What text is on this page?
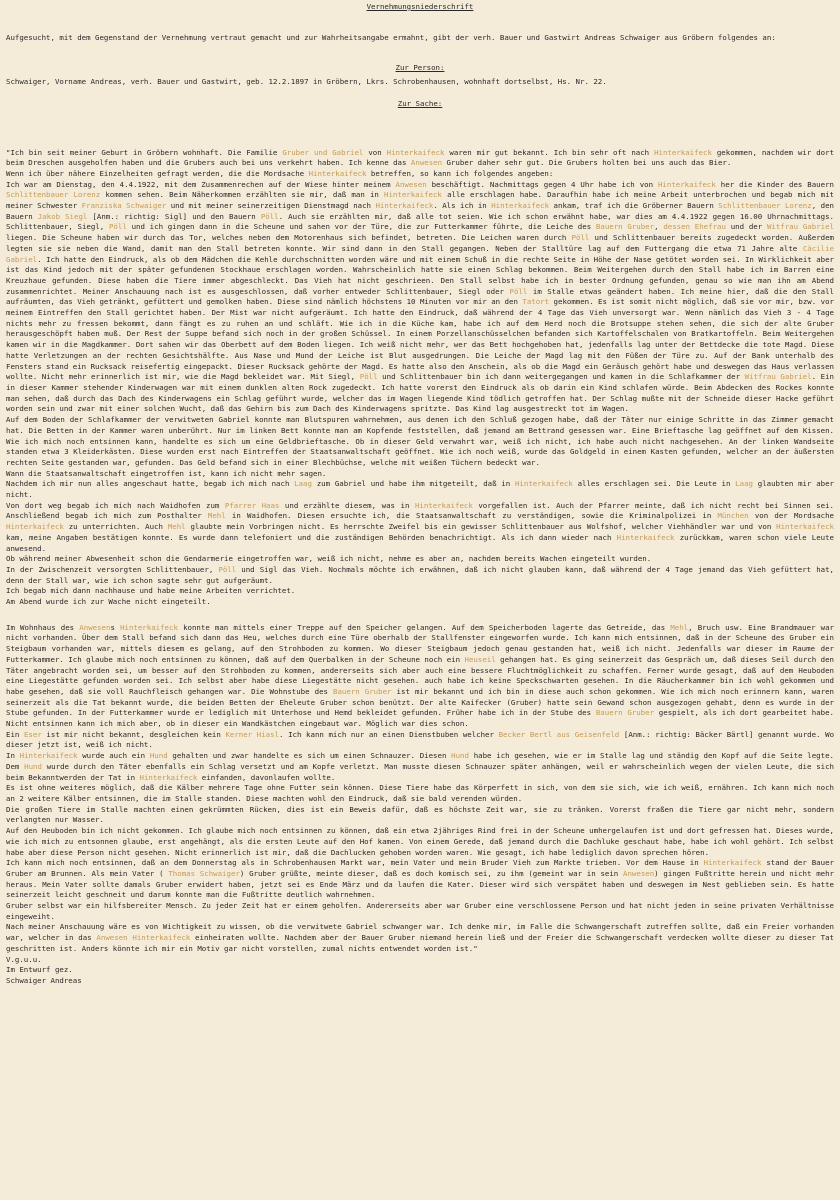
Vernehmungsniederschrift

Aufgesucht, mit dem Gegenstand der Vernehmung vertraut gemacht und zur Wahrheitsangabe ermahnt, gibt der verh. Bauer und Gastwirt Andreas Schwaiger aus Gröbern folgendes an:

Zur Person:

Schwaiger, Vorname Andreas, verh. Bauer und Gastwirt, geb. 12.2.1897 in Gröbern, Lkrs. Schrobenhausen, wohnhaft dortselbst, Hs. Nr. 22.

Zur Sache:

"Ich bin seit meiner Geburt in Gröbern wohnhaft. Die Familie Gruber und Gabriel von Hinterkaifeck waren mir gut bekannt. Ich bin sehr oft nach Hinterkaifeck gekommen, nachdem wir dort beim Dreschen ausgeholfen haben und die Grubers auch bei uns verkehrt haben. Ich kenne das Anwesen Gruber daher sehr gut. Die Grubers holten bei uns auch das Bier.

Wenn ich über nähere Einzelheiten gefragt werden, die die Mordsache Hinterkaifeck betreffen, so kann ich folgendes angeben:

Ich war am Dienstag, den 4.4.1922, mit dem Zusammenrechen auf der Wiese hinter meinem Anwesen beschäftigt. Nachmittags gegen 4 Uhr habe ich von Hinterkaifeck her die Kinder des Bauern Schlittenbauer Lorenz kommen sehen. Beim Näherkommen erzählten sie mir, daß man in Hinterkaifeck alle erschlagen habe. Daraufhin habe ich meine Arbeit unterbrochen und begab mich mit meiner Schwester Franziska Schwaiger und mit meiner seinerzeitigen Dienstmagd nach Hinterkaifeck. Als ich in Hinterkaifeck ankam, traf ich die Gröberner Bauern Schlittenbauer Lorenz, den Bauern Jakob Siegl [Anm.: richtig: Sigl] und den Bauern Pöll. Auch sie erzählten mir, daß alle tot seien. Wie ich schon erwähnt habe, war dies am 4.4.1922 gegen 16.00 Uhrnachmittags. Schlittenbauer, Siegl, Pöll und ich gingen dann in die Scheune und sahen vor der Türe, die zur Futterkammer führte, die Leiche des Bauern Gruber, dessen Ehefrau und der Witfrau Gabriel liegen. Die Scheune haben wir durch das Tor, welches neben dem Motorenhaus sich befindet, betreten. Die Leichen waren durch Pöll und Schlittenbauer bereits zugedeckt worden. Außerdem legten sie sie neben die Wand, damit man den Stall betreten konnte. Wir sind dann in den Stall gegangen. Neben der Stalltüre lag auf dem Futtergang die etwa 71 Jahre alte Cäcilie Gabriel. Ich hatte den Eindruck, als ob dem Mädchen die Kehle durchschnitten worden wäre und mit einem Schuß in die rechte Seite in Höhe der Nase getötet worden sei. In Wirklichkeit aber ist das Kind jedoch mit der später gefundenen Stockhaue erschlagen worden. Wahrscheinlich hatte sie einen Schlag bekommen. Beim Weitergehen durch den Stall habe ich im Barren eine Kreuzhaue gefunden. Diese haben die Tiere immer abgeschleckt. Das Vieh hat nicht geschrieen. Den Stall selbst habe ich in bester Ordnung gefunden, genau so wie man ihn am Abend zusammenrichtet. Meiner Anschauung nach ist es ausgeschlossen, daß vorher entweder Schlittenbauer, Siegl oder Pöll im Stalle etwas geändert haben. Ich meine hier, daß die den Stall aufräumten, das Vieh getränkt, gefüttert und gemolken haben. Diese sind nämlich höchstens 10 Minuten vor mir an den Tatort gekommen. Es ist somit nicht möglich, daß sie vor mir, bzw. vor meinem Eintreffen den Stall gerichtet haben. Der Mist war nicht aufgeräumt. Ich hatte den Eindruck, daß während der 4 Tage das Vieh unversorgt war. Wenn nämlich das Vieh 3 - 4 Tage nichts mehr zu fressen bekommt, dann fängt es zu ruhen an und schläft. Wie ich in die Küche kam, habe ich auf dem Herd noch die Brotsuppe stehen sehen, die sich der alte Gruber herausgeschöpft haben muß. Der Rest der Suppe befand sich noch in der großen Schüssel. In einem Porzellanschüsselchen befanden sich Kartoffelschalen von Bratkartoffeln. Beim Weitergehen kamen wir in die Magdkammer. Dort sahen wir das Oberbett auf dem Boden liegen. Ich weiß nicht mehr, wer das Bett hochgehoben hat, jedenfalls lag unter der Bettdecke die tote Magd. Diese hatte Verletzungen an der rechten Gesichtshälfte. Aus Nase und Mund der Leiche ist Blut ausgedrungen. Die Leiche der Magd lag mit den Füßen der Türe zu. Auf der Bank unterhalb des Fensters stand ein Rucksack reisefertig eingepackt. Dieser Rucksack gehörte der Magd. Es hatte also den Anschein, als ob die Magd ein Geräusch gehört habe und deswegen das Haus verlassen wollte. Nicht mehr erinnerlich ist mir, wie die Magd bekleidet war. Mit Siegl, Pöll und Schlittenbauer bin ich dann weitergegangen und kamen in die Schlafkammer der Witfrau Gabriel. Ein in dieser Kammer stehender Kinderwagen war mit einem dunklen alten Rock zugedeckt. Ich hatte vorerst den Eindruck als ob darin ein Kind schlafen würde. Beim Abdecken des Rockes konnte man sehen, daß durch das Dach des Kinderwagens ein Schlag geführt wurde, welcher das im Wagen liegende Kind tödlich getroffen hat. Der Schlag mußte mit der Schneide dieser Hacke geführt worden sein und zwar mit einer solchen Wucht, daß das Gehirn bis zum Dach des Kinderwagens spritzte. Das Kind lag ausgestreckt tot im Wagen.

Auf dem Boden der Schlafkammer der verwitweten Gabriel konnte man Blutspuren wahrnehmen, aus denen ich den Schluß gezogen habe, daß der Täter nur einige Schritte in das Zimmer gemacht hat. Die Betten in der Kammer waren unberührt. Nur im linken Bett konnte man am Kopfende feststellen, daß jemand am Bettrand gesessen war. Eine Brieftasche lag geöffnet auf dem Kissen. Wie ich mich noch entsinnen kann, handelte es sich um eine Geldbrieftasche. Ob in dieser Geld verwahrt war, weiß ich nicht, ich habe auch nicht nachgesehen. An der linken Wandseite standen etwa 3 Kleiderkästen. Diese wurden erst nach Eintreffen der Staatsanwaltschaft geöffnet. Wie ich noch weiß, wurde das Goldgeld in einem Kasten gefunden, welcher an der äußersten rechten Seite gestanden war, gefunden. Das Geld befand sich in einer Blechbüchse, welche mit weißen Tüchern bedeckt war.

Wann die Staatsanwaltschaft eingetroffen ist, kann ich nicht mehr sagen.

Nachdem ich mir nun alles angeschaut hatte, begab ich mich nach Laag zum Gabriel und habe ihm mitgeteilt, daß in Hinterkaifeck alles erschlagen sei. Die Leute in Laag glaubten mir aber nicht.

Von dort weg begab ich mich nach Waidhofen zum Pfarrer Haas und erzählte diesem, was in Hinterkaifeck vorgefallen ist. Auch der Pfarrer meinte, daß ich nicht recht bei Sinnen sei. Anschließend begab ich mich zum Posthalter Mehl in Waidhofen. Diesen ersuchte ich, die Staatsanwaltschaft zu verständigen, sowie die Kriminalpolizei in München von der Mordsache Hinterkaifeck zu unterrichten. Auch Mehl glaubte mein Vorbringen nicht. Es herrschte Zweifel bis ein gewisser Schlittenbauer aus Wolfshof, welcher Viehhändler war und von Hinterkaifeck kam, meine Angaben bestätigen konnte. Es wurde dann telefoniert und die zuständigen Behörden benachrichtigt. Als ich dann wieder nach Hinterkaifeck zurückkam, waren schon viele Leute anwesend.

Ob während meiner Abwesenheit schon die Gendarmerie eingetroffen war, weiß ich nicht, nehme es aber an, nachdem bereits Wachen eingeteilt wurden.

In der Zwischenzeit versorgten Schlittenbauer, Pöll und Sigl das Vieh. Nochmals möchte ich erwähnen, daß ich nicht glauben kann, daß während der 4 Tage jemand das Vieh gefüttert hat, denn der Stall war, wie ich schon sagte sehr gut aufgeräumt.

Ich begab mich dann nachhause und habe meine Arbeiten verrichtet.

Am Abend wurde ich zur Wache nicht eingeteilt.

Im Wohnhaus des Anwesens Hinterkaifeck konnte man mittels einer Treppe auf den Speicher gelangen. Auf dem Speicherboden lagerte das Getreide, das Mehl, Bruch usw. Eine Brandmauer war nicht vorhanden. Über dem Stall befand sich dann das Heu, welches durch eine Türe oberhalb der Stallfenster eingeworfen wurde. Ich kann mich entsinnen, daß in der Scheune des Gruber ein Steigbaum vorhanden war, mittels diesem es gelang, auf den Strohboden zu kommen. Wo dieser Steigbaum jedoch genau gestanden hat, weiß ich nicht. Jedenfalls war dieser im Raume der Futterkammer. Ich glaube mich noch entsinnen zu können, daß auf dem Querbalken in der Scheune noch ein Heuseil gehangen hat. Es ging seinerzeit das Gespräch um, daß dieses Seil durch den Täter angebracht worden sei, um besser auf den Strohboden zu kommen, andererseits sich aber auch eine bessere Fluchtmöglichkeit zu schaffen. Ferner wurde gesagt, daß auf dem Heuboden eine Liegestätte gefunden worden sei. Ich selbst aber habe diese Liegestätte nicht gesehen. auch habe ich keine Speckschwarten gesehen. In die Räucherkammer bin ich wohl gekommen und habe gesehen, daß sie voll Rauchfleisch gehangen war. Die Wohnstube des Bauern Gruber ist mir bekannt und ich bin in diese auch schon gekommen. Wie ich mich noch erinnern kann, waren seinerzeit als die Tat bekannt wurde, die beiden Betten der Eheleute Gruber schon benützt. Der alte Kaifecker (Gruber) hatte sein Gewand schon ausgezogen gehabt, denn es wurde in der Stube gefunden. In der Futterkammer wurde er lediglich mit Unterhose und Hemd bekleidet gefunden. Früher habe ich in der Stube des Bauern Gruber gespielt, als ich dort gearbeitet habe. Nicht entsinnen kann ich mich aber, ob in dieser ein Wandkästchen eingebaut war. Möglich war dies schon.

Ein Eser ist mir nicht bekannt, desgleichen kein Kerner Hiasl. Ich kann mich nur an einen Dienstbuben welcher Becker Bertl aus Geisenfeld [Anm.: richtig: Bäcker Bärtl] genannt wurde. Wo dieser jetzt ist, weiß ich nicht.

In Hinterkaifeck wurde auch ein Hund gehalten und zwar handelte es sich um einen Schnauzer. Diesen Hund habe ich gesehen, wie er im Stalle lag und ständig den Kopf auf die Seite legte. Dem Hund wurde durch den Täter ebenfalls ein Schlag versetzt und am Kopfe verletzt. Man musste diesen Schnauzer später anhängen, weil er wahrscheinlich wegen der vielen Leute, die sich beim Bekanntwerden der Tat in Hinterkaifeck einfanden, davonlaufen wollte.

Es ist ohne weiteres möglich, daß die Kälber mehrere Tage ohne Futter sein können. Diese Tiere habe das Körperfett in sich, von dem sie sich, wie ich weiß, ernähren. Ich kann mich noch an 2 weitere Kälber entsinnen, die im Stalle standen. Diese machten wohl den Eindruck, daß sie bald verenden würden.

Die großen Tiere im Stalle machten einen gekrümmten Rücken, dies ist ein Beweis dafür, daß es höchste Zeit war, sie zu tränken. Vorerst fraßen die Tiere gar nicht mehr, sondern verlangten nur Wasser.

Auf den Heuboden bin ich nicht gekommen. Ich glaube mich noch entsinnen zu können, daß ein etwa 2jähriges Rind frei in der Scheune umhergelaufen ist und dort gefressen hat. Dieses wurde, wie ich mich zu entsonnen glaube, erst angehängt, als die ersten Leute auf den Hof kamen. Von einem Gerede, daß jemand durch die Dachluke geschaut habe, habe ich wohl gehört. Ich selbst habe aber diese Person nicht gesehen. Nicht erinnerlich ist mir, daß die Dachlucken gehoben worden waren. Wie gesagt, ich habe lediglich davon sprechen hören.

Ich kann mich noch entsinnen, daß an dem Donnerstag als in Schrobenhausen Markt war, mein Vater und mein Bruder Vieh zum Markte trieben. Vor dem Hause in Hinterkaifeck stand der Bauer Gruber am Brunnen. Als mein Vater ( Thomas Schwaiger) Gruber grüßte, meinte dieser, daß es doch komisch sei, zu ihm (gemeint war in sein Anwesen) gingen Fußtritte herein und nicht mehr heraus. Mein Vater sollte damals Gruber erwidert haben, jetzt sei es Ende März und da laufen die Kater. Dieser wird sich verspätet haben und deswegen im Nest geblieben sein. Es hatte seinerzeit leicht geschneit und darum konnte man die Fußtritte deutlich wahrnehmen.

Gruber selbst war ein hilfsbereiter Mensch. Zu jeder Zeit hat er einem geholfen. Andererseits aber war Gruber eine verschlossene Person und hat nicht jeden in seine privaten Verhältnisse eingeweiht.

Nach meiner Anschauung wäre es von Wichtigkeit zu wissen, ob die verwitwete Gabriel schwanger war. Ich denke mir, im Falle die Schwangerschaft zutreffen sollte, daß ein Freier vorhanden war, welcher in das Anwesen Hinterkaifeck einheiraten wollte. Nachdem aber der Bauer Gruber niemand herein ließ und der Freier die Schwangerschaft verdecken wollte dieser zu dieser Tat geschritten ist. Anders könnte ich mir ein Motiv gar nicht vorstellen, zumal nichts entwendet worden ist."

V.g.u.u.

Im Entwurf gez.

Schwaiger Andreas
